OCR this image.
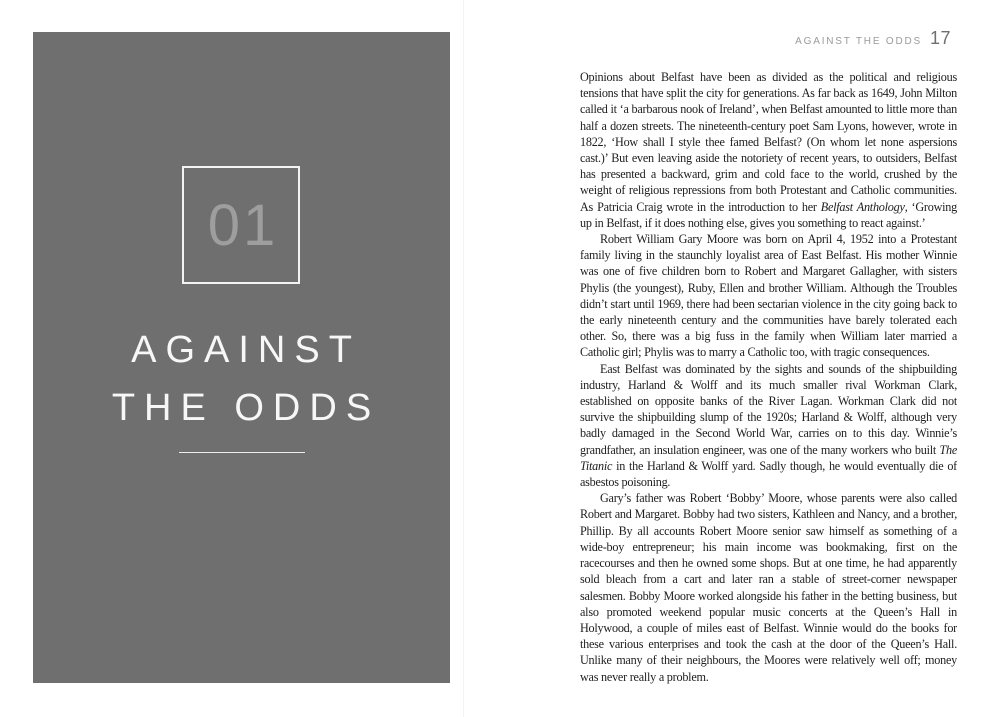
01
AGAINST
THE ODDS
AGAINST THE ODDS 17

Opinions about Belfast have been as divided as the political and religious tensions that have split the city for generations. As far back as 1649, John Milton called it ‘a barbarous nook of Ireland’, when Belfast amounted to little more than half a dozen streets. The nineteenth-century poet Sam Lyons, however, wrote in 1822, ‘How shall I style thee famed Belfast? (On whom let none aspersions cast.)’ But even leaving aside the notoriety of recent years, to outsiders, Belfast has presented a backward, grim and cold face to the world, crushed by the weight of religious repressions from both Protestant and Catholic communities. As Patricia Craig wrote in the introduction to her Belfast Anthology, ‘Growing up in Belfast, if it does nothing else, gives you something to react against.’

Robert William Gary Moore was born on April 4, 1952 into a Protestant family living in the staunchly loyalist area of East Belfast. His mother Winnie was one of five children born to Robert and Margaret Gallagher, with sisters Phylis (the youngest), Ruby, Ellen and brother William. Although the Troubles didn’t start until 1969, there had been sectarian violence in the city going back to the early nineteenth century and the communities have barely tolerated each other. So, there was a big fuss in the family when William later married a Catholic girl; Phylis was to marry a Catholic too, with tragic consequences.

East Belfast was dominated by the sights and sounds of the shipbuilding industry, Harland & Wolff and its much smaller rival Workman Clark, established on opposite banks of the River Lagan. Workman Clark did not survive the shipbuilding slump of the 1920s; Harland & Wolff, although very badly damaged in the Second World War, carries on to this day. Winnie’s grandfather, an insulation engineer, was one of the many workers who built The Titanic in the Harland & Wolff yard. Sadly though, he would eventually die of asbestos poisoning.

Gary’s father was Robert ‘Bobby’ Moore, whose parents were also called Robert and Margaret. Bobby had two sisters, Kathleen and Nancy, and a brother, Phillip. By all accounts Robert Moore senior saw himself as something of a wide-boy entrepreneur; his main income was bookmaking, first on the racecourses and then he owned some shops. But at one time, he had apparently sold bleach from a cart and later ran a stable of street-corner newspaper salesmen. Bobby Moore worked alongside his father in the betting business, but also promoted weekend popular music concerts at the Queen’s Hall in Holywood, a couple of miles east of Belfast. Winnie would do the books for these various enterprises and took the cash at the door of the Queen’s Hall. Unlike many of their neighbours, the Moores were relatively well off; money was never really a problem.
